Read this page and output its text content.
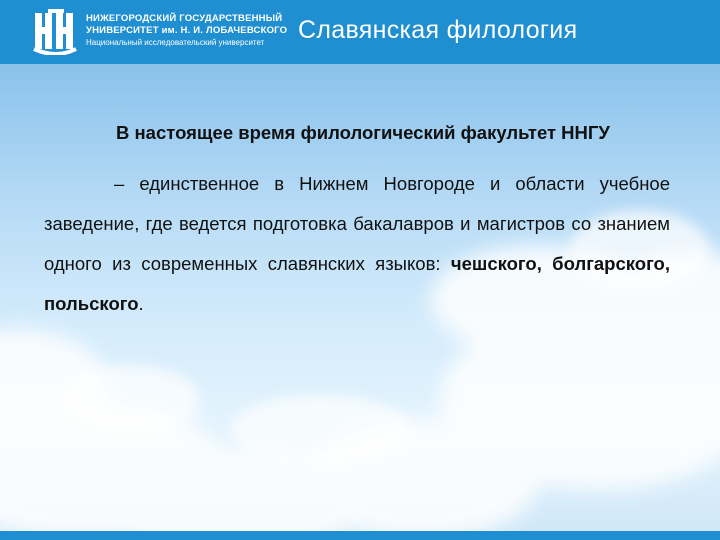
НИЖЕГОРОДСКИЙ ГОСУДАРСТВЕННЫЙ
УНИВЕРСИТЕТ им. Н. И. ЛОБАЧЕВСКОГО
Национальный исследовательский университет	Славянская филология

В настоящее время филологический факультет ННГУ

– единственное в Нижнем Новгороде и области учебное заведение, где ведется подготовка бакалавров и магистров со знанием одного из современных славянских языков: чешского, болгарского, польского.
